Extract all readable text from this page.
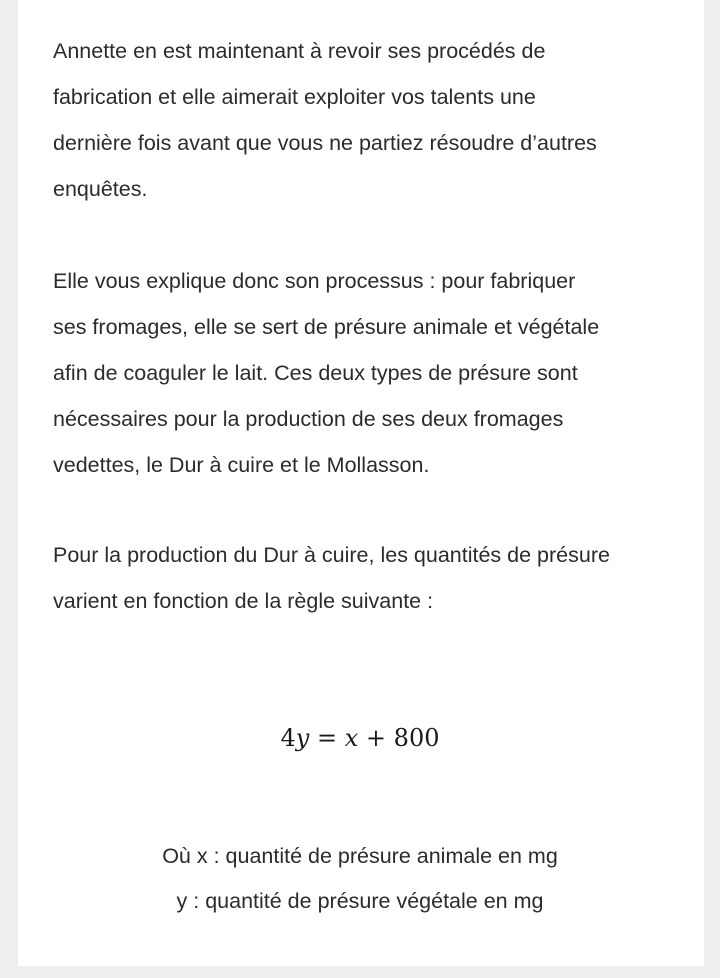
Annette en est maintenant à revoir ses procédés de
fabrication et elle aimerait exploiter vos talents une
dernière fois avant que vous ne partiez résoudre d’autres
enquêtes.

Elle vous explique donc son processus : pour fabriquer
ses fromages, elle se sert de présure animale et végétale
afin de coaguler le lait. Ces deux types de présure sont
nécessaires pour la production de ses deux fromages
vedettes, le Dur à cuire et le Mollasson.

Pour la production du Dur à cuire, les quantités de présure
varient en fonction de la règle suivante :

4y = x + 800
Où x : quantité de présure animale en mg
y : quantité de présure végétale en mg
